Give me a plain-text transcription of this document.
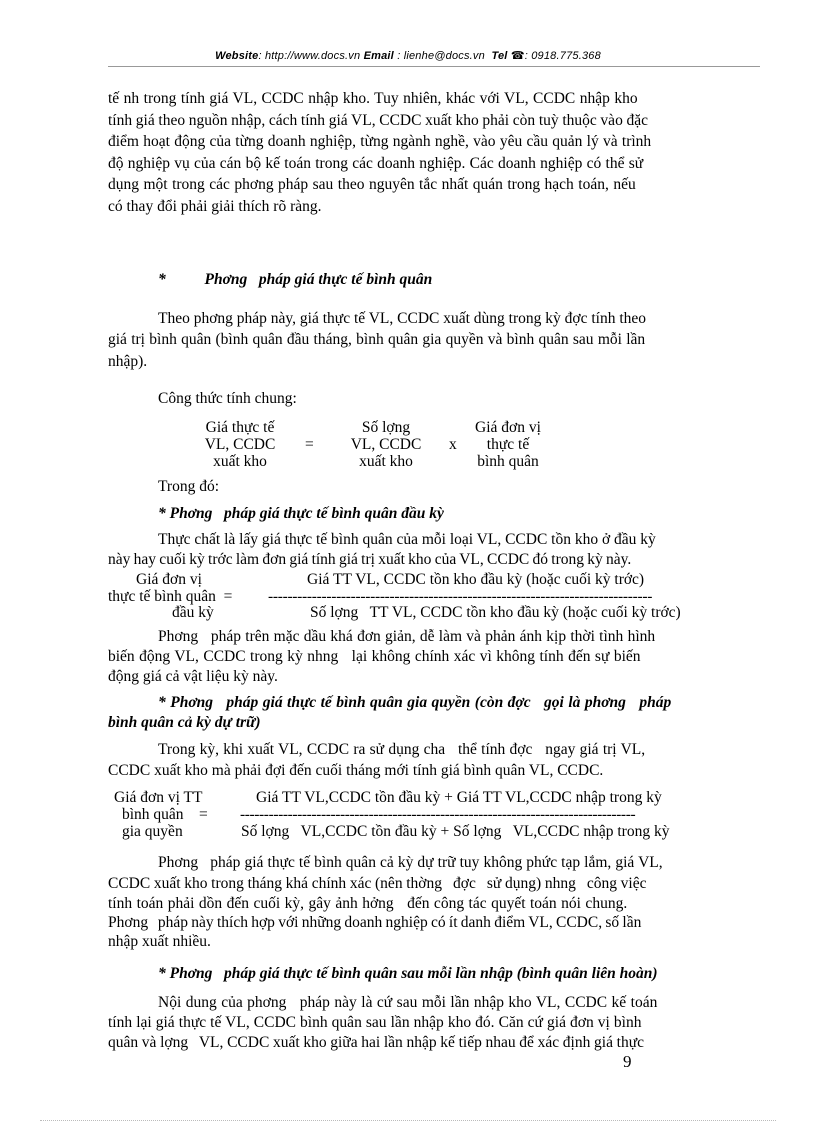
Website: http://www.docs.vn Email : lienhe@docs.vn Tel ☎: 0918.775.368
tế nh trong tính giá VL, CCDC nhập kho. Tuy nhiên, khác với VL, CCDC nhập kho
tính giá theo nguồn nhập, cách tính giá VL, CCDC xuất kho phải còn tuỳ thuộc vào đặc
điểm hoạt động của từng doanh nghiệp, từng ngành nghề, vào yêu cầu quản lý và trình
độ nghiệp vụ của cán bộ kế toán trong các doanh nghiệp. Các doanh nghiệp có thể sử
dụng một trong các phơng pháp sau theo nguyên tắc nhất quán trong hạch toán, nếu
có thay đổi phải giải thích rõ ràng.
*          Phơng   pháp giá thực tế bình quân
Theo phơng pháp này, giá thực tế VL, CCDC xuất dùng trong kỳ đợc tính theo
giá trị bình quân (bình quân đầu tháng, bình quân gia quyền và bình quân sau mỗi lần
nhập).
Công thức tính chung:
Giá thực tế
VL, CCDC
xuất kho
=
Số lợng
VL, CCDC
xuất kho
x
Giá đơn vị
thực tế
bình quân
Trong đó:
* Phơng   pháp giá thực tế bình quân đầu kỳ
Thực chất là lấy giá thực tế bình quân của mỗi loại VL, CCDC tồn kho ở đầu kỳ
này hay cuối kỳ trớc làm đơn giá tính giá trị xuất kho của VL, CCDC đó trong kỳ này.
Giá đơn vị
thực tế bình quân  =
đầu kỳ
Giá TT VL, CCDC tồn kho đầu kỳ (hoặc cuối kỳ trớc)
-------------------------------------------------------------------------------
Số lợng   TT VL, CCDC tồn kho đầu kỳ (hoặc cuối kỳ trớc)
Phơng   pháp trên mặc dầu khá đơn giản, dễ làm và phản ánh kịp thời tình hình
biến động VL, CCDC trong kỳ nhng   lại không chính xác vì không tính đến sự biến
động giá cả vật liệu kỳ này.
* Phơng   pháp giá thực tế bình quân gia quyền (còn đợc   gọi là phơng   pháp
bình quân cả kỳ dự trữ)
Trong kỳ, khi xuất VL, CCDC ra sử dụng cha   thể tính đợc   ngay giá trị VL,
CCDC xuất kho mà phải đợi đến cuối tháng mới tính giá bình quân VL, CCDC.
Giá đơn vị TT
bình quân    =
gia quyền
Giá TT VL,CCDC tồn đầu kỳ + Giá TT VL,CCDC nhập trong kỳ
-----------------------------------------------------------------------------------
Số lợng   VL,CCDC tồn đầu kỳ + Số lợng   VL,CCDC nhập trong kỳ
Phơng   pháp giá thực tế bình quân cả kỳ dự trữ tuy không phức tạp lắm, giá VL,
CCDC xuất kho trong tháng khá chính xác (nên thờng   đợc   sử dụng) nhng   công việc
tính toán phải dồn đến cuối kỳ, gây ảnh hởng   đến công tác quyết toán nói chung.
Phơng   pháp này thích hợp với những doanh nghiệp có ít danh điểm VL, CCDC, số lần
nhập xuất nhiều.
* Phơng   pháp giá thực tế bình quân sau mỗi lần nhập (bình quân liên hoàn)
Nội dung của phơng   pháp này là cứ sau mỗi lần nhập kho VL, CCDC kế toán
tính lại giá thực tế VL, CCDC bình quân sau lần nhập kho đó. Căn cứ giá đơn vị bình
quân và lợng   VL, CCDC xuất kho giữa hai lần nhập kế tiếp nhau để xác định giá thực
9
